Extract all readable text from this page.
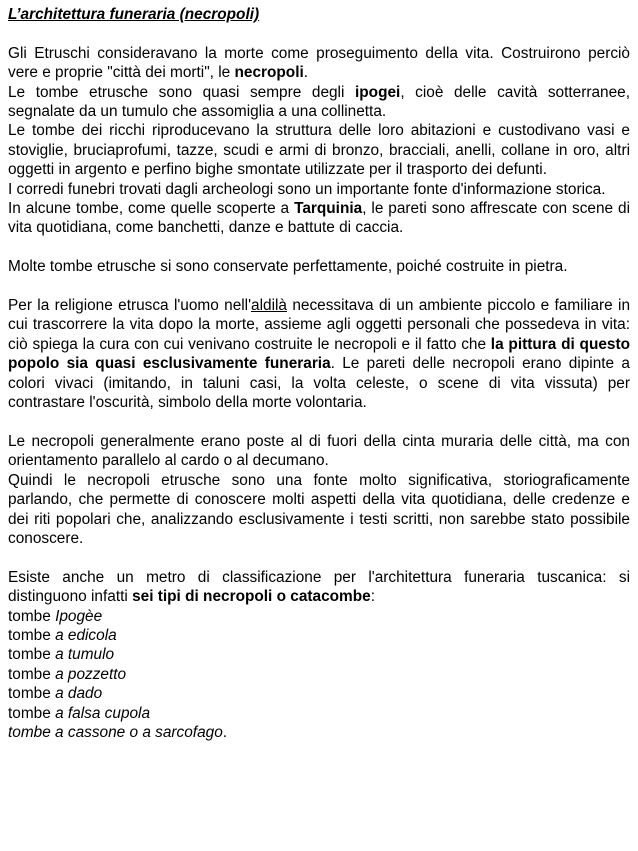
L’architettura funeraria (necropoli)

Gli Etruschi consideravano la morte come proseguimento della vita. Costruirono perciò vere e proprie "città dei morti", le necropoli.

Le tombe etrusche sono quasi sempre degli ipogei, cioè delle cavità sotterranee, segnalate da un tumulo che assomiglia a una collinetta.

Le tombe dei ricchi riproducevano la struttura delle loro abitazioni e custodivano vasi e stoviglie, bruciaprofumi, tazze, scudi e armi di bronzo, bracciali, anelli, collane in oro, altri oggetti in argento e perfino bighe smontate utilizzate per il trasporto dei defunti.

I corredi funebri trovati dagli archeologi sono un importante fonte d'informazione storica.

In alcune tombe, come quelle scoperte a Tarquinia, le pareti sono affrescate con scene di vita quotidiana, come banchetti, danze e battute di caccia.

Molte tombe etrusche si sono conservate perfettamente, poiché costruite in pietra.

Per la religione etrusca l'uomo nell'aldilà necessitava di un ambiente piccolo e familiare in cui trascorrere la vita dopo la morte, assieme agli oggetti personali che possedeva in vita: ciò spiega la cura con cui venivano costruite le necropoli e il fatto che la pittura di questo popolo sia quasi esclusivamente funeraria. Le pareti delle necropoli erano dipinte a colori vivaci (imitando, in taluni casi, la volta celeste, o scene di vita vissuta) per contrastare l'oscurità, simbolo della morte volontaria.

Le necropoli generalmente erano poste al di fuori della cinta muraria delle città, ma con orientamento parallelo al cardo o al decumano.

Quindi le necropoli etrusche sono una fonte molto significativa, storiograficamente parlando, che permette di conoscere molti aspetti della vita quotidiana, delle credenze e dei riti popolari che, analizzando esclusivamente i testi scritti, non sarebbe stato possibile conoscere.

Esiste anche un metro di classificazione per l'architettura funeraria tuscanica: si distinguono infatti sei tipi di necropoli o catacombe:

tombe Ipogèe
tombe a edicola
tombe a tumulo
tombe a pozzetto
tombe a dado
tombe a falsa cupola
tombe a cassone o a sarcofago.
